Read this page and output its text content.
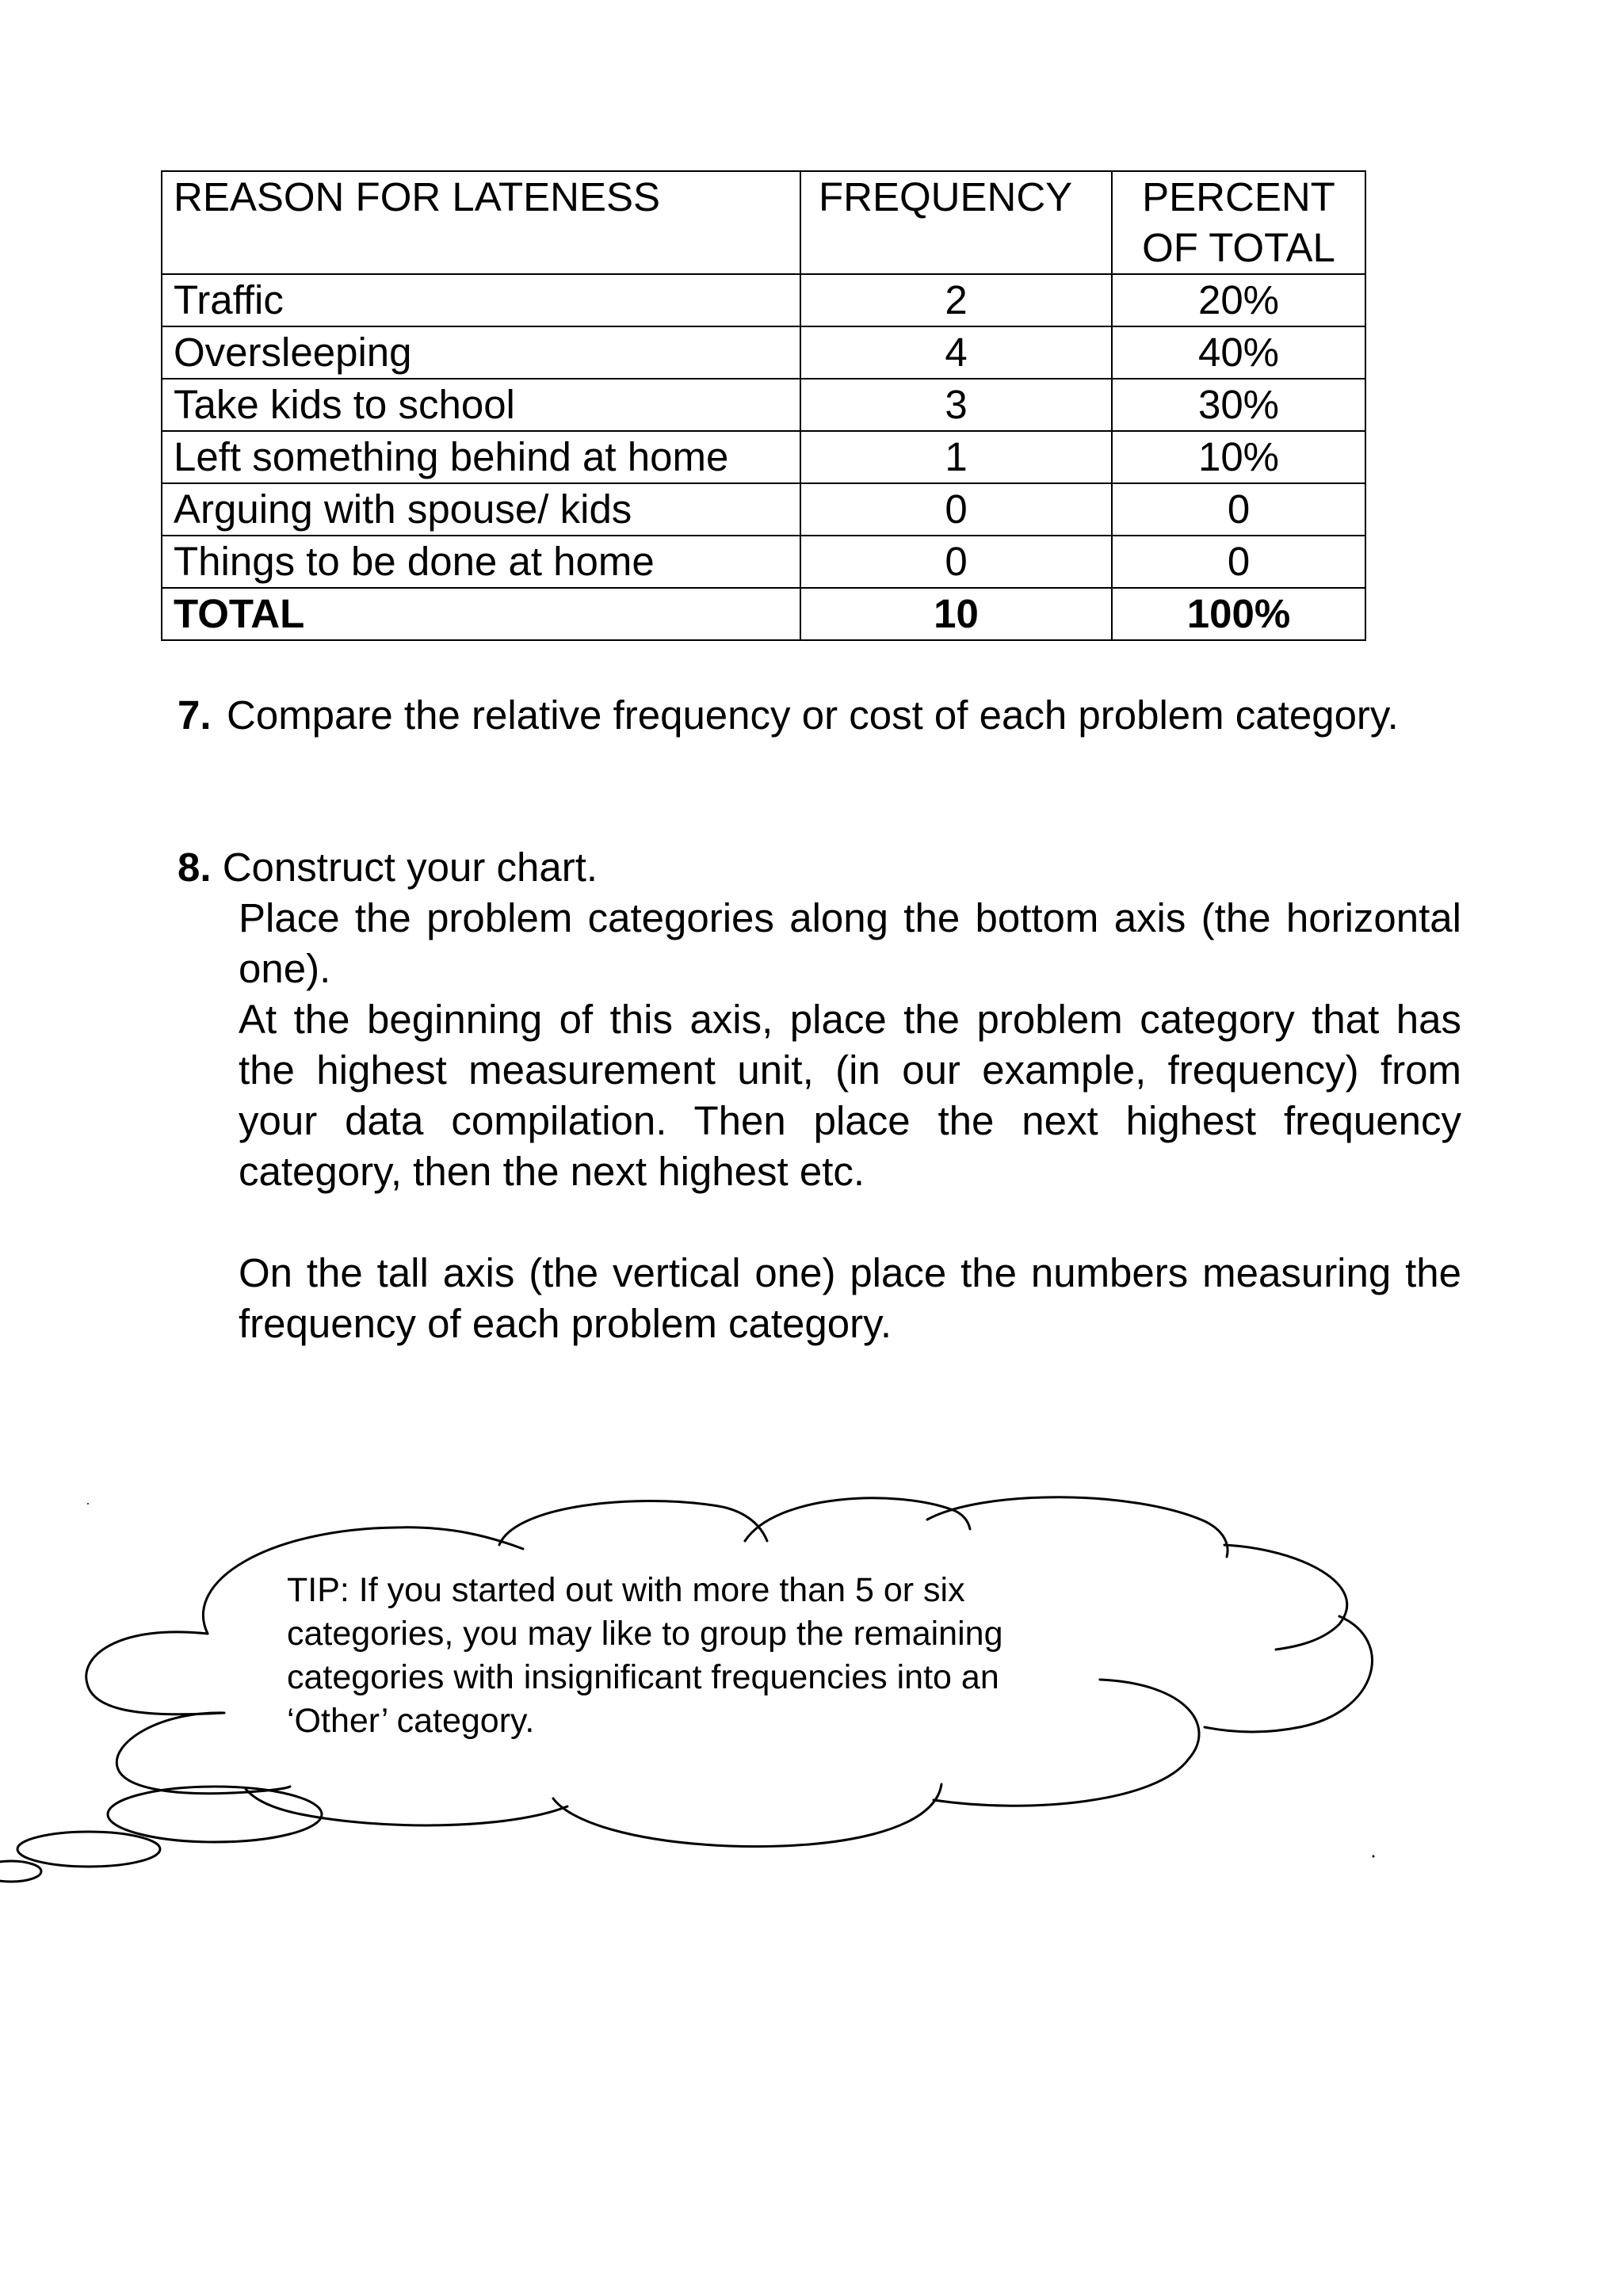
REASON FOR LATENESS	FREQUENCY	PERCENT
OF TOTAL
Traffic	2	20%
Oversleeping	4	40%
Take kids to school	3	30%
Left something behind at home	1	10%
Arguing with spouse/ kids	0	0
Things to be done at home	0	0
TOTAL	10	100%
7. Compare the relative frequency or cost of each problem category.
8. Construct your chart.

Place the problem categories along the bottom axis (the horizontal one).

At the beginning of this axis, place the problem category that has the highest measurement unit, (in our example, frequency) from your data compilation. Then place the next highest frequency category, then the next highest etc.

On the tall axis (the vertical one) place the numbers measuring the frequency of each problem category.

TIP: If you started out with more than 5 or six categories, you may like to group the remaining categories with insignificant frequencies into an ‘Other’ category.
